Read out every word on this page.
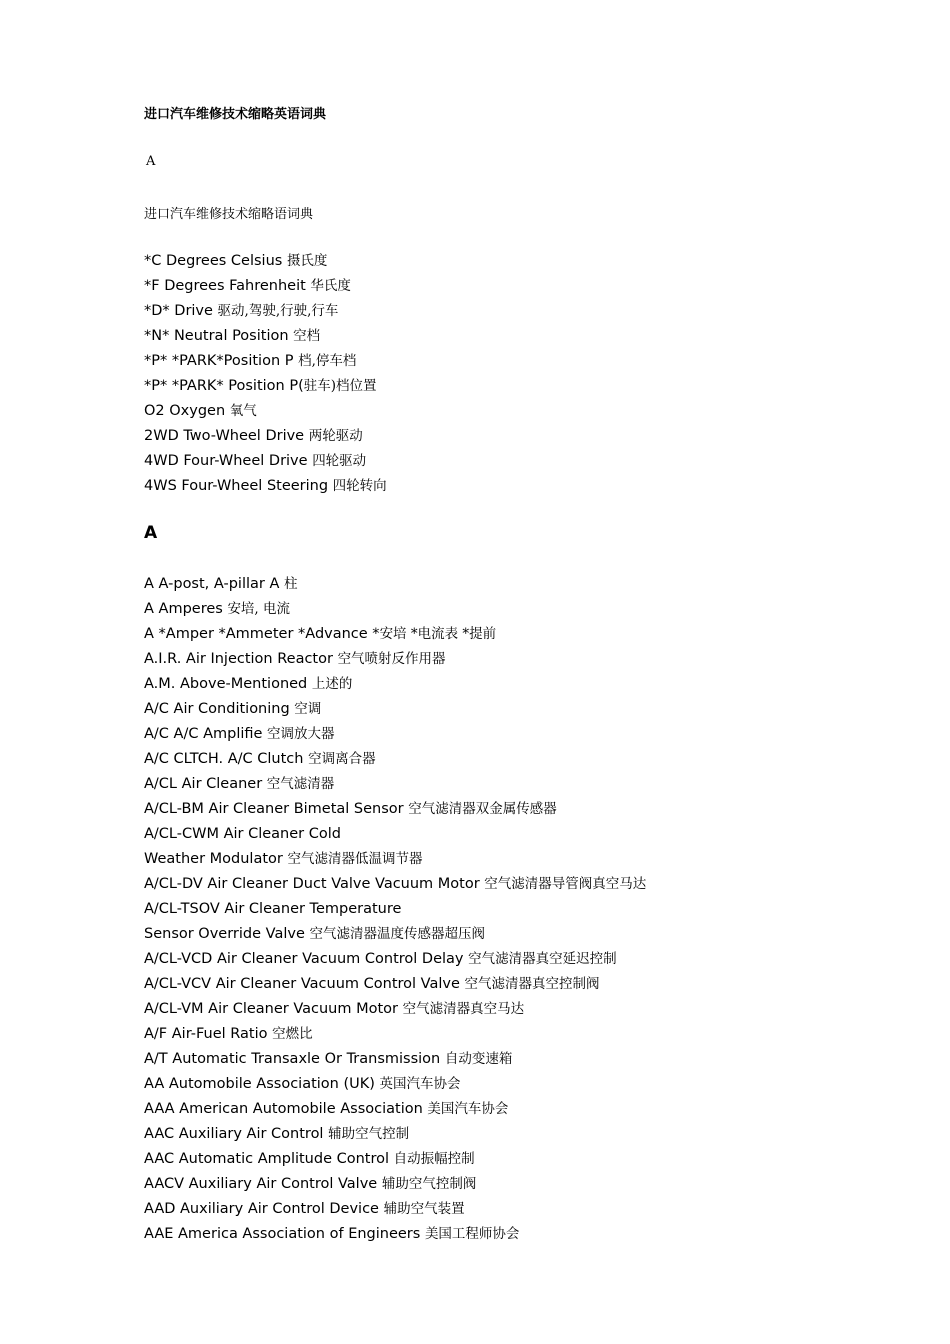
进口汽车维修技术缩略英语词典
A
进口汽车维修技术缩略语词典
*C Degrees Celsius 摄氏度
*F Degrees Fahrenheit 华氏度
*D* Drive 驱动,驾驶,行驶,行车
*N* Neutral Position 空档
*P* *PARK*Position P 档,停车档
*P* *PARK* Position P(驻车)档位置
O2 Oxygen 氧气
2WD Two-Wheel Drive 两轮驱动
4WD Four-Wheel Drive 四轮驱动
4WS Four-Wheel Steering 四轮转向
A
A A-post, A-pillar A 柱
A Amperes 安培, 电流
A *Amper *Ammeter *Advance *安培 *电流表 *提前
A.I.R. Air Injection Reactor 空气喷射反作用器
A.M. Above-Mentioned 上述的
A/C Air Conditioning 空调
A/C A/C Amplifie 空调放大器
A/C CLTCH. A/C Clutch 空调离合器
A/CL Air Cleaner 空气滤清器
A/CL-BM Air Cleaner Bimetal Sensor 空气滤清器双金属传感器
A/CL-CWM Air Cleaner Cold
Weather Modulator 空气滤清器低温调节器
A/CL-DV Air Cleaner Duct Valve Vacuum Motor 空气滤清器导管阀真空马达
A/CL-TSOV Air Cleaner Temperature
Sensor Override Valve 空气滤清器温度传感器超压阀
A/CL-VCD Air Cleaner Vacuum Control Delay 空气滤清器真空延迟控制
A/CL-VCV Air Cleaner Vacuum Control Valve 空气滤清器真空控制阀
A/CL-VM Air Cleaner Vacuum Motor 空气滤清器真空马达
A/F Air-Fuel Ratio 空燃比
A/T Automatic Transaxle Or Transmission 自动变速箱
AA Automobile Association (UK) 英国汽车协会
AAA American Automobile Association 美国汽车协会
AAC Auxiliary Air Control 辅助空气控制
AAC Automatic Amplitude Control 自动振幅控制
AACV Auxiliary Air Control Valve 辅助空气控制阀
AAD Auxiliary Air Control Device 辅助空气装置
AAE America Association of Engineers 美国工程师协会
